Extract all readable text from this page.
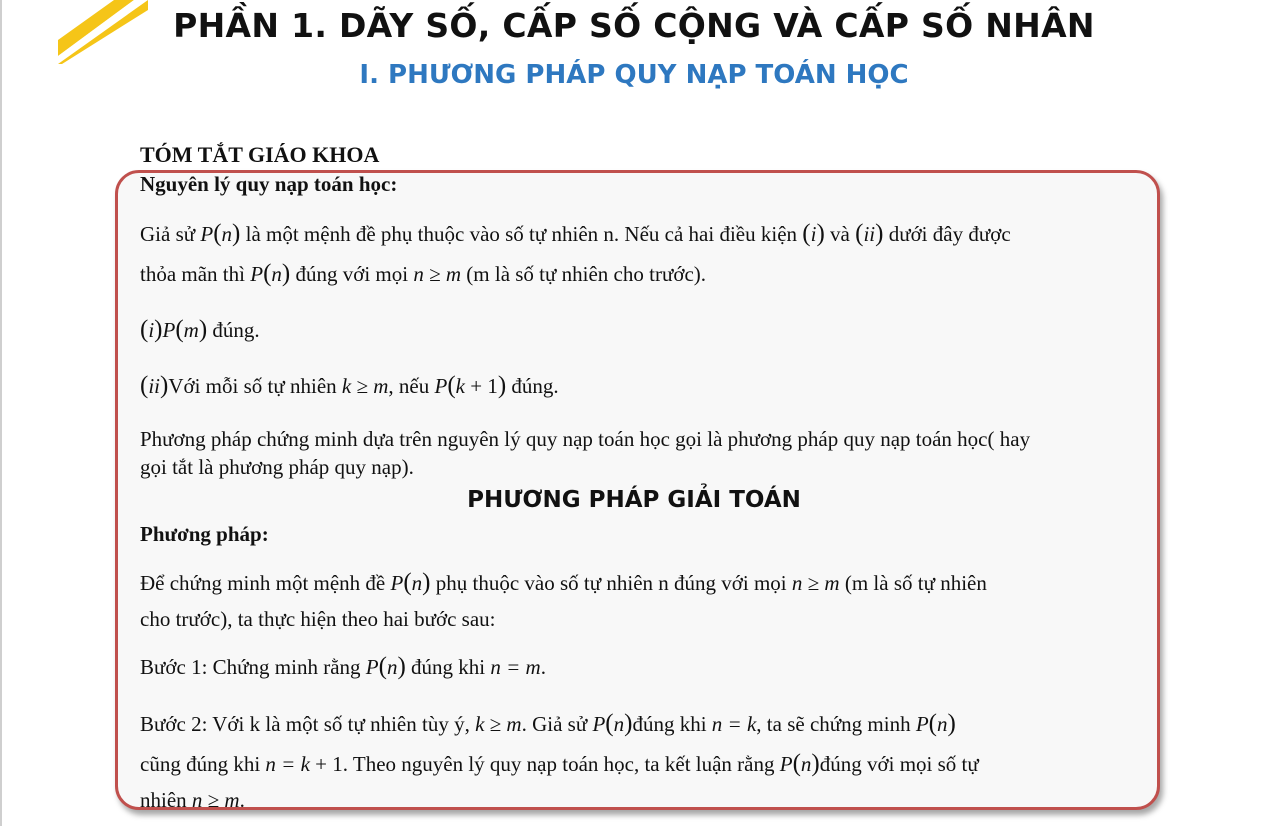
PHẦN 1. DÃY SỐ, CẤP SỐ CỘNG VÀ CẤP SỐ NHÂN
I. PHƯƠNG PHÁP QUY NẠP TOÁN HỌC
TÓM TẮT GIÁO KHOA
Nguyên lý quy nạp toán học:
Giả sử P(n) là một mệnh đề phụ thuộc vào số tự nhiên n. Nếu cả hai điều kiện (i) và (ii) dưới đây được
thỏa mãn thì P(n) đúng với mọi n ≥ m (m là số tự nhiên cho trước).
(i)P(m) đúng.
(ii)Với mỗi số tự nhiên k ≥ m, nếu P(k + 1) đúng.
Phương pháp chứng minh dựa trên nguyên lý quy nạp toán học gọi là phương pháp quy nạp toán học( hay
gọi tắt là phương pháp quy nạp).
PHƯƠNG PHÁP GIẢI TOÁN
Phương pháp:
Để chứng minh một mệnh đề P(n) phụ thuộc vào số tự nhiên n đúng với mọi n ≥ m (m là số tự nhiên
cho trước), ta thực hiện theo hai bước sau:
Bước 1: Chứng minh rằng P(n) đúng khi n = m.
Bước 2: Với k là một số tự nhiên tùy ý, k ≥ m. Giả sử P(n)đúng khi n = k, ta sẽ chứng minh P(n)
cũng đúng khi n = k + 1. Theo nguyên lý quy nạp toán học, ta kết luận rằng P(n)đúng với mọi số tự
nhiên n ≥ m.
